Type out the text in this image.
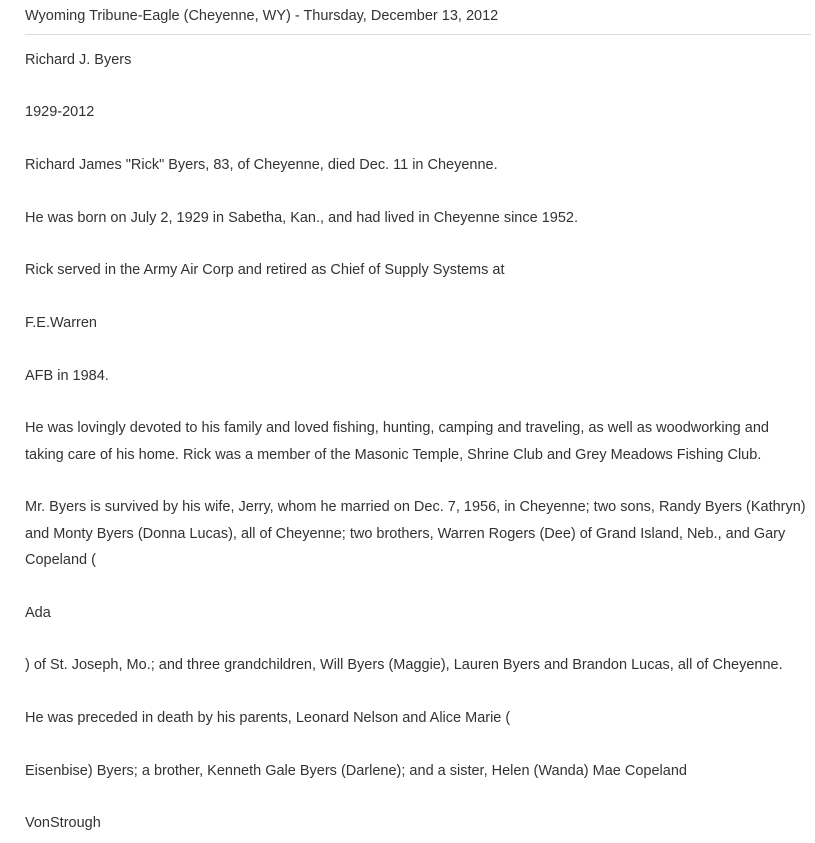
Wyoming Tribune-Eagle (Cheyenne, WY) - Thursday, December 13, 2012

Richard J. Byers

1929-2012

Richard James "Rick" Byers, 83, of Cheyenne, died Dec. 11 in Cheyenne.

He was born on July 2, 1929 in Sabetha, Kan., and had lived in Cheyenne since 1952.

Rick served in the Army Air Corp and retired as Chief of Supply Systems at

F.E.Warren

AFB in 1984.

He was lovingly devoted to his family and loved fishing, hunting, camping and traveling, as well as woodworking and taking care of his home. Rick was a member of the Masonic Temple, Shrine Club and Grey Meadows Fishing Club.

Mr. Byers is survived by his wife, Jerry, whom he married on Dec. 7, 1956, in Cheyenne; two sons, Randy Byers (Kathryn) and Monty Byers (Donna Lucas), all of Cheyenne; two brothers, Warren Rogers (Dee) of Grand Island, Neb., and Gary Copeland (

Ada

) of St. Joseph, Mo.; and three grandchildren, Will Byers (Maggie), Lauren Byers and Brandon Lucas, all of Cheyenne.

He was preceded in death by his parents, Leonard Nelson and Alice Marie (

Eisenbise) Byers; a brother, Kenneth Gale Byers (Darlene); and a sister, Helen (Wanda) Mae Copeland

VonStrough
